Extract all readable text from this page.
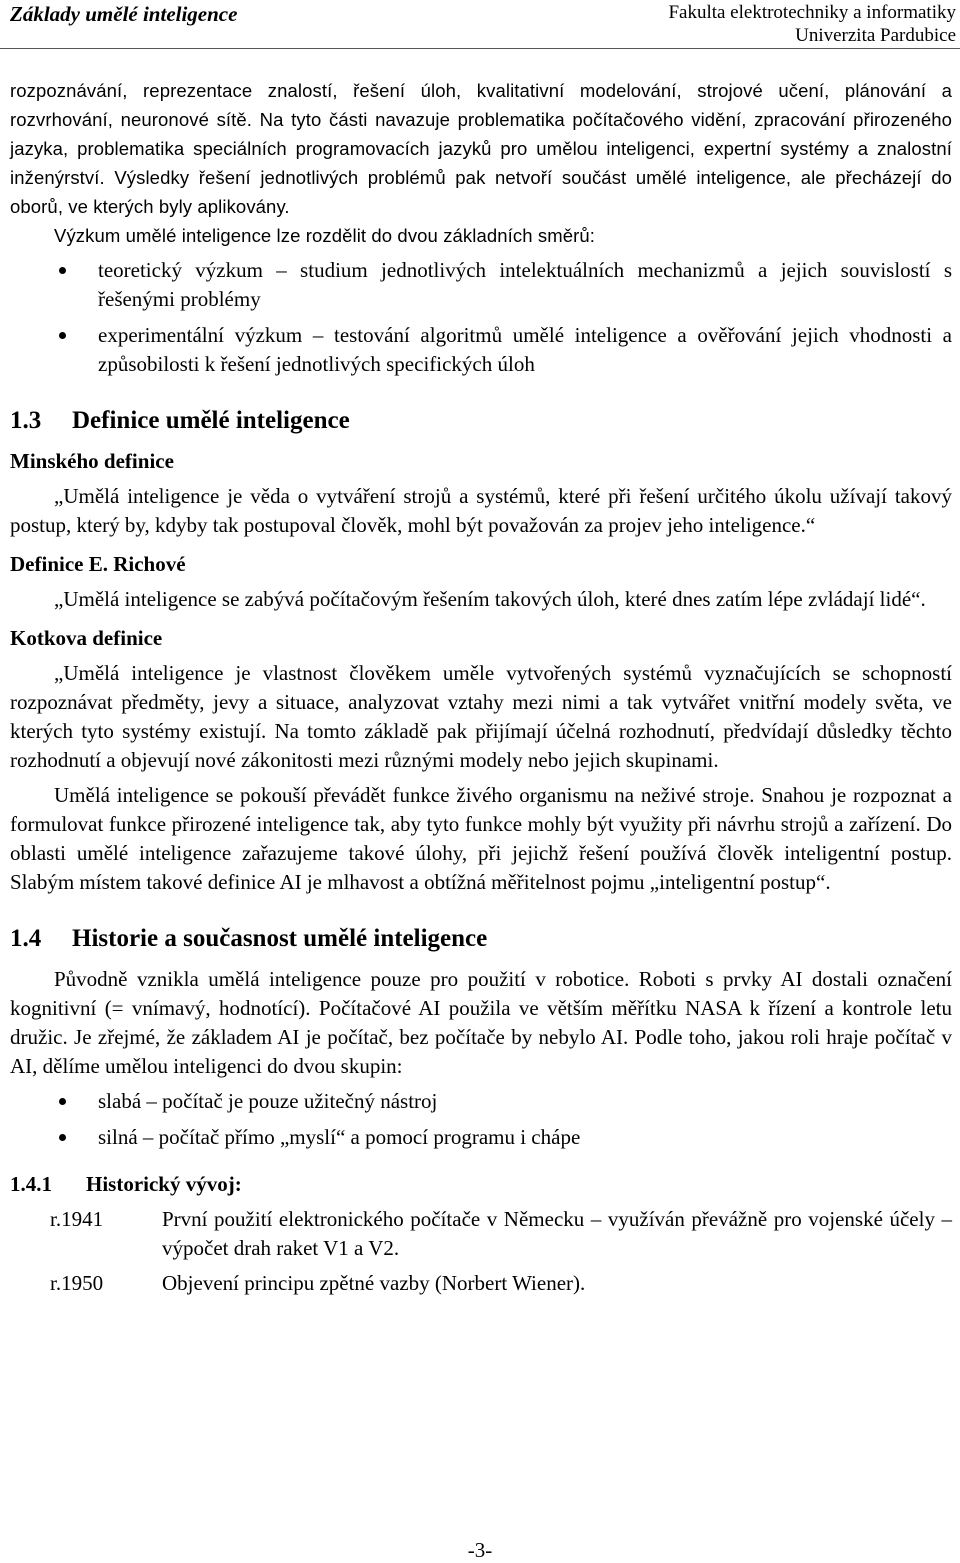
Základy umělé inteligence	Fakulta elektrotechniky a informatiky
Univerzita Pardubice

rozpoznávání, reprezentace znalostí, řešení úloh, kvalitativní modelování, strojové učení, plánování a rozvrhování, neuronové sítě. Na tyto části navazuje problematika počítačového vidění, zpracování přirozeného jazyka, problematika speciálních programovacích jazyků pro umělou inteligenci, expertní systémy a znalostní inženýrství. Výsledky řešení jednotlivých problémů pak netvoří součást umělé inteligence, ale přecházejí do oborů, ve kterých byly aplikovány.

Výzkum umělé inteligence lze rozdělit do dvou základních směrů:

teoretický výzkum – studium jednotlivých intelektuálních mechanizmů a jejich souvislostí s řešenými problémy
experimentální výzkum – testování algoritmů umělé inteligence a ověřování jejich vhodnosti a způsobilosti k řešení jednotlivých specifických úloh
1.3 Definice umělé inteligence
Minského definice

„Umělá inteligence je věda o vytváření strojů a systémů, které při řešení určitého úkolu užívají takový postup, který by, kdyby tak postupoval člověk, mohl být považován za projev jeho inteligence.“

Definice E. Richové

„Umělá inteligence se zabývá počítačovým řešením takových úloh, které dnes zatím lépe zvládají lidé“.

Kotkova definice

„Umělá inteligence je vlastnost člověkem uměle vytvořených systémů vyznačujících se schopností rozpoznávat předměty, jevy a situace, analyzovat vztahy mezi nimi a tak vytvářet vnitřní modely světa, ve kterých tyto systémy existují. Na tomto základě pak přijímají účelná rozhodnutí, předvídají důsledky těchto rozhodnutí a objevují nové zákonitosti mezi různými modely nebo jejich skupinami.

Umělá inteligence se pokouší převádět funkce živého organismu na neživé stroje. Snahou je rozpoznat a formulovat funkce přirozené inteligence tak, aby tyto funkce mohly být využity při návrhu strojů a zařízení. Do oblasti umělé inteligence zařazujeme takové úlohy, při jejichž řešení používá člověk inteligentní postup. Slabým místem takové definice AI je mlhavost a obtížná měřitelnost pojmu „inteligentní postup“.

1.4 Historie a současnost umělé inteligence

Původně vznikla umělá inteligence pouze pro použití v robotice. Roboti s prvky AI dostali označení kognitivní (= vnímavý, hodnotící). Počítačové AI použila ve větším měřítku NASA k řízení a kontrole letu družic. Je zřejmé, že základem AI je počítač, bez počítače by nebylo AI. Podle toho, jakou roli hraje počítač v AI, dělíme umělou inteligenci do dvou skupin:

slabá – počítač je pouze užitečný nástroj
silná – počítač přímo „myslí“ a pomocí programu i chápe
1.4.1 Historický vývoj:
r.1941	První použití elektronického počítače v Německu – využíván převážně pro vojenské účely – výpočet drah raket V1 a V2.
r.1950	Objevení principu zpětné vazby (Norbert Wiener).
-3-
